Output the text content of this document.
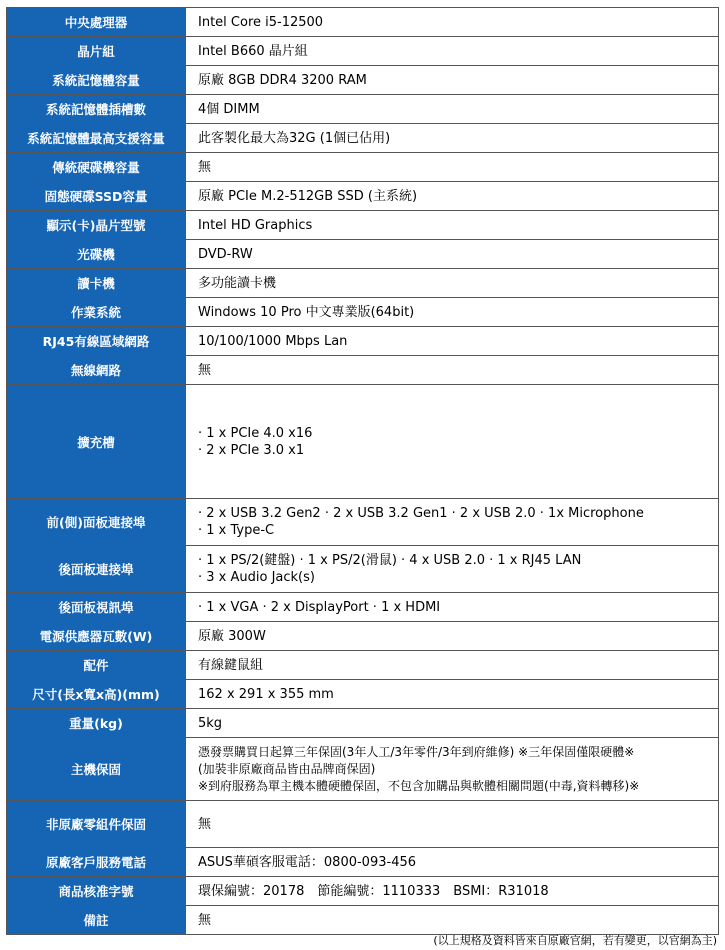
中央處理器	Intel Core i5-12500

晶片組	Intel B660 晶片組

系統記憶體容量	原廠 8GB DDR4 3200 RAM

系統記憶體插槽數	4個 DIMM

系統記憶體最高支援容量	此客製化最大為32G (1個已佔用)

傳統硬碟機容量	無

固態硬碟SSD容量	原廠 PCIe M.2-512GB SSD (主系統)

顯示(卡)晶片型號	Intel HD Graphics

光碟機	DVD-RW

讀卡機	多功能讀卡機

作業系統	Windows 10 Pro 中文專業版(64bit)

RJ45有線區域網路	10/100/1000 Mbps Lan

無線網路	無

擴充槽	· 1 x PCIe 4.0 x16
· 2 x PCIe 3.0 x1

前(側)面板連接埠	· 2 x USB 3.2 Gen2 · 2 x USB 3.2 Gen1 · 2 x USB 2.0 · 1x Microphone
· 1 x Type-C

後面板連接埠	· 1 x PS/2(鍵盤) · 1 x PS/2(滑鼠) · 4 x USB 2.0 · 1 x RJ45 LAN
· 3 x Audio Jack(s)

後面板視訊埠	· 1 x VGA · 2 x DisplayPort · 1 x HDMI

電源供應器瓦數(W)	原廠 300W

配件	有線鍵鼠組

尺寸(長x寬x高)(mm)	162 x 291 x 355 mm

重量(kg)	5kg

主機保固	憑發票購買日起算三年保固(3年人工/3年零件/3年到府維修) ※三年保固僅限硬體※
(加裝非原廠商品皆由品牌商保固)
※到府服務為單主機本體硬體保固，不包含加購品與軟體相關問題(中毒,資料轉移)※

非原廠零組件保固	無

原廠客戶服務電話	ASUS華碩客服電話：0800-093-456

商品核准字號	環保編號：20178　節能編號：1110333　BSMI：R31018

備註	無
(以上規格及資料皆來自原廠官網，若有變更，以官網為主)
